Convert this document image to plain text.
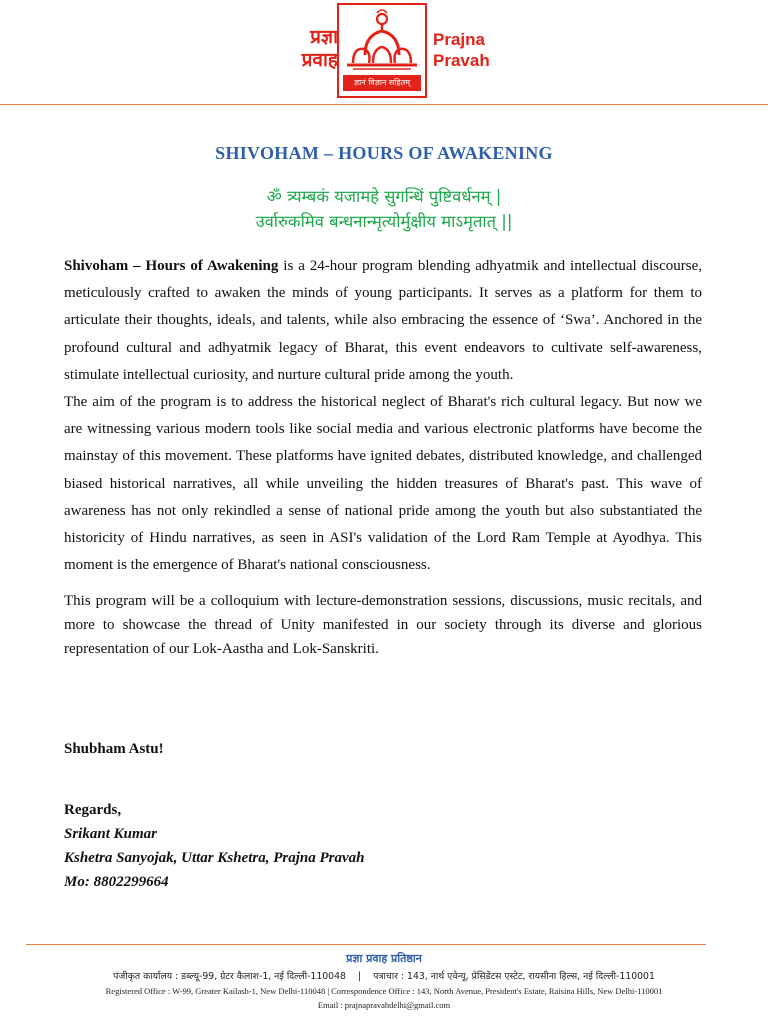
प्रज्ञा
प्रवाह
ज्ञानं विज्ञान सहितम्
Prajna
Pravah
SHIVOHAM – HOURS OF AWAKENING
ॐ त्र्यम्बकं यजामहे सुगन्धिं पुष्टिवर्धनम् |
उर्वारुकमिव बन्धनान्मृत्योर्मुक्षीय माऽमृतात् ||

Shivoham – Hours of Awakening is a 24-hour program blending adhyatmik and intellectual discourse, meticulously crafted to awaken the minds of young participants. It serves as a platform for them to articulate their thoughts, ideals, and talents, while also embracing the essence of ‘Swa’. Anchored in the profound cultural and adhyatmik legacy of Bharat, this event endeavors to cultivate self-awareness, stimulate intellectual curiosity, and nurture cultural pride among the youth.

The aim of the program is to address the historical neglect of Bharat's rich cultural legacy. But now we are witnessing various modern tools like social media and various electronic platforms have become the mainstay of this movement. These platforms have ignited debates, distributed knowledge, and challenged biased historical narratives, all while unveiling the hidden treasures of Bharat's past. This wave of awareness has not only rekindled a sense of national pride among the youth but also substantiated the historicity of Hindu narratives, as seen in ASI's validation of the Lord Ram Temple at Ayodhya. This moment is the emergence of Bharat's national consciousness.

This program will be a colloquium with lecture-demonstration sessions, discussions, music recitals, and more to showcase the thread of Unity manifested in our society through its diverse and glorious representation of our Lok-Aastha and Lok-Sanskriti.

Shubham Astu!
Regards,
Srikant Kumar
Kshetra Sanyojak, Uttar Kshetra, Prajna Pravah
Mo: 8802299664
प्रज्ञा प्रवाह प्रतिष्ठान
पंजीकृत कार्यालय : डब्ल्यू-99, ग्रेटर कैलाश-1, नई दिल्ली-110048 | पत्राचार : 143, नार्थ एवेन्यू, प्रेसिडेंटस एस्टेट, रायसीना हिल्स, नई दिल्ली-110001
Registered Office : W-99, Greater Kailash-1, New Delhi-110048 | Correspondence Office : 143, North Avenue, President's Estate, Raisina Hills, New Delhi-110001
Email : prajnapravahdelhi@gmail.com
